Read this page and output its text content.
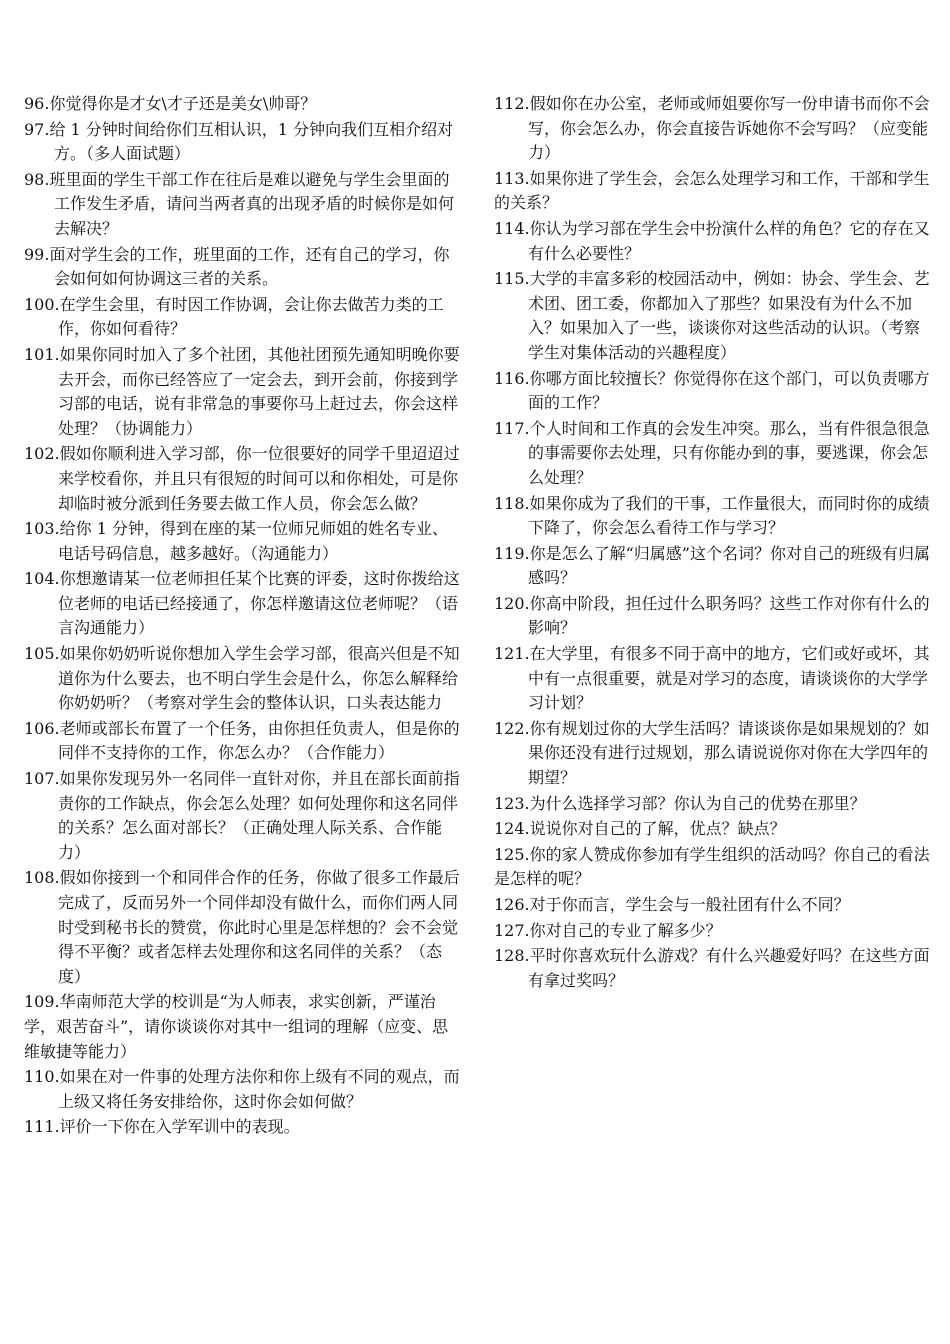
96.你觉得你是才女\才子还是美女\帅哥？

97.给 1 分钟时间给你们互相认识，1 分钟向我们互相介绍对方。（多人面试题）

98.班里面的学生干部工作在往后是难以避免与学生会里面的工作发生矛盾，请问当两者真的出现矛盾的时候你是如何去解决？

99.面对学生会的工作，班里面的工作，还有自己的学习，你会如何如何协调这三者的关系。

100.在学生会里，有时因工作协调，会让你去做苦力类的工作，你如何看待？

101.如果你同时加入了多个社团，其他社团预先通知明晚你要去开会，而你已经答应了一定会去，到开会前，你接到学习部的电话，说有非常急的事要你马上赶过去，你会这样处理？（协调能力）

102.假如你顺利进入学习部，你一位很要好的同学千里迢迢过来学校看你，并且只有很短的时间可以和你相处，可是你却临时被分派到任务要去做工作人员，你会怎么做？

103.给你 1 分钟，得到在座的某一位师兄师姐的姓名专业、电话号码信息，越多越好。（沟通能力）

104.你想邀请某一位老师担任某个比赛的评委，这时你拨给这位老师的电话已经接通了，你怎样邀请这位老师呢？（语言沟通能力）

105.如果你奶奶听说你想加入学生会学习部，很高兴但是不知道你为什么要去，也不明白学生会是什么，你怎么解释给你奶奶听？（考察对学生会的整体认识，口头表达能力

106.老师或部长布置了一个任务，由你担任负责人，但是你的同伴不支持你的工作，你怎么办？（合作能力）

107.如果你发现另外一名同伴一直针对你，并且在部长面前指责你的工作缺点，你会怎么处理？如何处理你和这名同伴的关系？怎么面对部长？（正确处理人际关系、合作能力）

108.假如你接到一个和同伴合作的任务，你做了很多工作最后完成了，反而另外一个同伴却没有做什么，而你们两人同时受到秘书长的赞赏，你此时心里是怎样想的？会不会觉得不平衡？或者怎样去处理你和这名同伴的关系？（态度）

109.华南师范大学的校训是“为人师表，求实创新，严谨治学，艰苦奋斗”，请你谈谈你对其中一组词的理解（应变、思维敏捷等能力）

110.如果在对一件事的处理方法你和你上级有不同的观点，而上级又将任务安排给你，这时你会如何做？

111.评价一下你在入学军训中的表现。

112.假如你在办公室，老师或师姐要你写一份申请书而你不会写，你会怎么办，你会直接告诉她你不会写吗？（应变能力）

113.如果你进了学生会，会怎么处理学习和工作，干部和学生的关系？

114.你认为学习部在学生会中扮演什么样的角色？它的存在又有什么必要性？

115.大学的丰富多彩的校园活动中，例如：协会、学生会、艺术团、团工委，你都加入了那些？如果没有为什么不加入？如果加入了一些，谈谈你对这些活动的认识。（考察学生对集体活动的兴趣程度）

116.你哪方面比较擅长？你觉得你在这个部门，可以负责哪方面的工作？

117.个人时间和工作真的会发生冲突。那么，当有件很急很急的事需要你去处理，只有你能办到的事，要逃课，你会怎么处理？

118.如果你成为了我们的干事，工作量很大，而同时你的成绩下降了，你会怎么看待工作与学习？

119.你是怎么了解“归属感”这个名词？你对自己的班级有归属感吗？

120.你高中阶段，担任过什么职务吗？这些工作对你有什么的影响？

121.在大学里，有很多不同于高中的地方，它们或好或坏，其中有一点很重要，就是对学习的态度，请谈谈你的大学学习计划？

122.你有规划过你的大学生活吗？请谈谈你是如果规划的？如果你还没有进行过规划，那么请说说你对你在大学四年的期望？

123.为什么选择学习部？你认为自己的优势在那里？

124.说说你对自己的了解，优点？缺点？

125.你的家人赞成你参加有学生组织的活动吗？你自己的看法是怎样的呢？

126.对于你而言，学生会与一般社团有什么不同？

127.你对自己的专业了解多少？

128.平时你喜欢玩什么游戏？有什么兴趣爱好吗？在这些方面有拿过奖吗？
